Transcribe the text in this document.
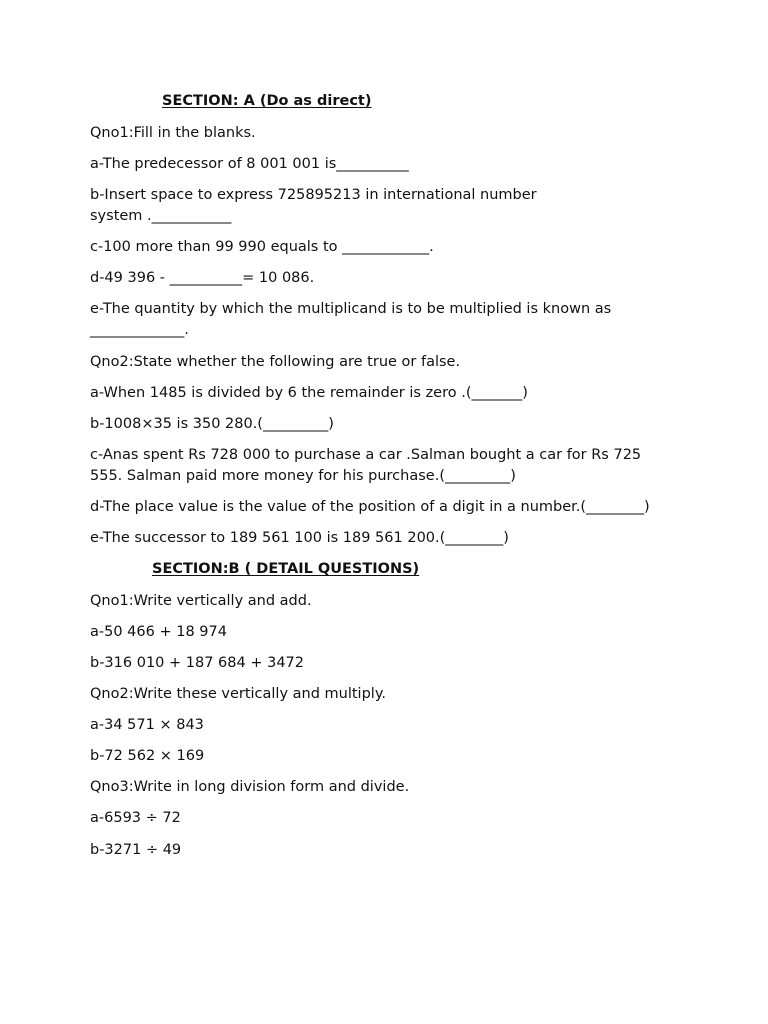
SECTION: A (Do as direct)
Qno1:Fill in the blanks.
a-The predecessor of 8 001 001 is__________
b-Insert space to express 725895213 in international number
system .___________
c-100 more than 99 990 equals to ____________.
d-49 396 - __________= 10 086.
e-The quantity by which the multiplicand is to be multiplied is known as
_____________.
Qno2:State whether the following are true or false.
a-When 1485 is divided by 6 the remainder is zero .(_______)
b-1008×35 is 350 280.(_________)
c-Anas spent Rs 728 000 to purchase a car .Salman bought a car for Rs 725
555. Salman paid more money for his purchase.(_________)
d-The place value is the value of the position of a digit in a number.(________)
e-The successor to 189 561 100 is 189 561 200.(________)
SECTION:B ( DETAIL QUESTIONS)
Qno1:Write vertically and add.
a-50 466 + 18 974
b-316 010 + 187 684 + 3472
Qno2:Write these vertically and multiply.
a-34 571 × 843
b-72 562 × 169
Qno3:Write in long division form and divide.
a-6593 ÷ 72
b-3271 ÷ 49
